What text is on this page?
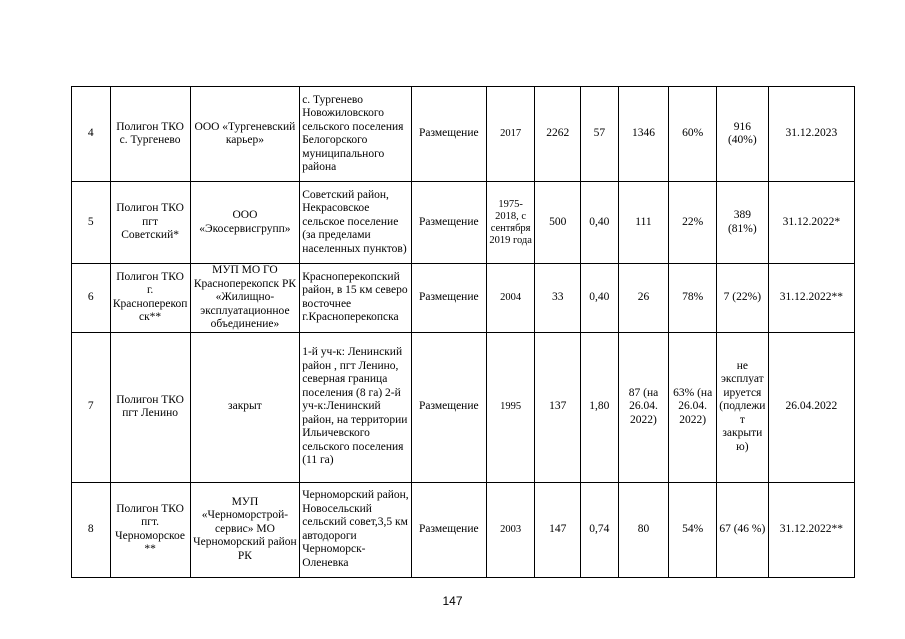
4	Полигон ТКО с. Тургенево	ООО «Тургеневский карьер»	с. Тургенево Новожиловского сельского поселения Белогорского муниципального района	Размещение	2017	2262	57	1346	60%	916 (40%)	31.12.2023
5	Полигон ТКО пгт Советский*	ООО «Экосервисгрупп»	Советский район, Некрасовское сельское поселение (за пределами населенных пунктов)	Размещение	1975-2018, с сентября 2019 года	500	0,40	111	22%	389 (81%)	31.12.2022*
6	Полигон ТКО г. Красноперекопск**	МУП МО ГО Красноперекопск РК «Жилищно-эксплуатационное объединение»	Красноперекопский район, в 15 км северо восточнее г.Красноперекопска	Размещение	2004	33	0,40	26	78%	7 (22%)	31.12.2022**
7	Полигон ТКО пгт Ленино	закрыт	1-й уч-к: Ленинский район , пгт Ленино, северная граница поселения (8 га) 2-й уч-к:Ленинский район, на территории Ильичевского сельского поселения (11 га)	Размещение	1995	137	1,80	87 (на 26.04. 2022)	63% (на 26.04. 2022)	не эксплуатируется (подлежит закрытию)	26.04.2022
8	Полигон ТКО пгт. Черноморское**	МУП «Черноморстрой-сервис» МО Черноморский район РК	Черноморский район, Новосельский сельский совет,3,5 км автодороги Черноморск-Оленевка	Размещение	2003	147	0,74	80	54%	67 (46 %)	31.12.2022**
147
